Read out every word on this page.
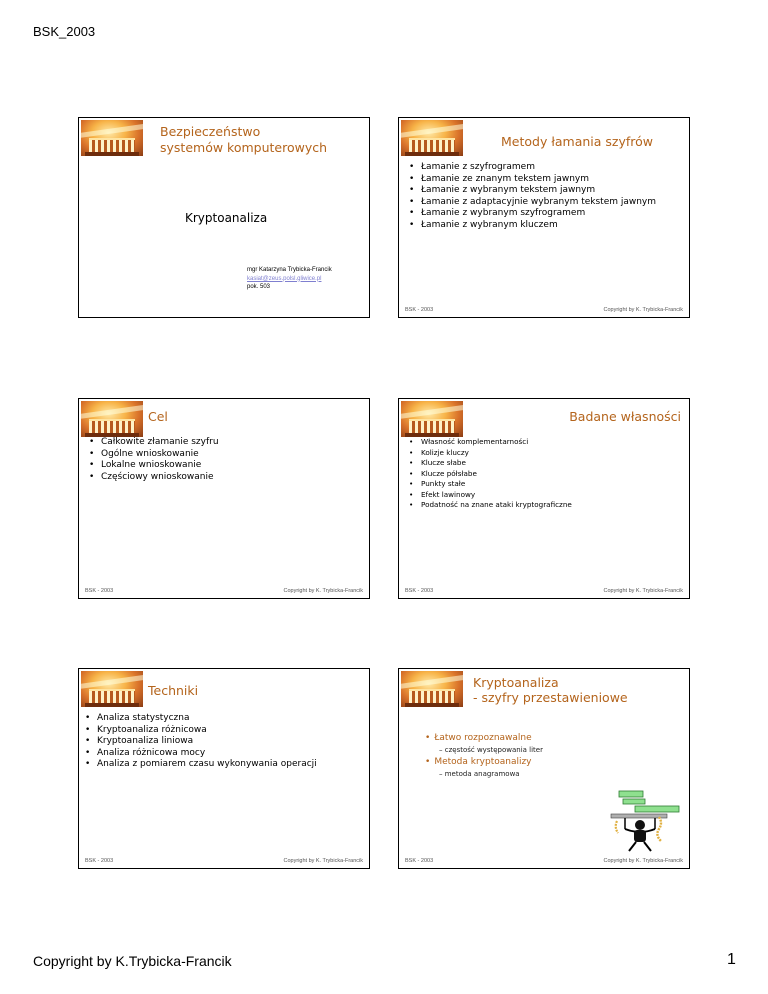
BSK_2003
Bezpieczeństwo
systemów komputerowych
Kryptoanaliza
mgr Katarzyna Trybicka-Francik
kasiat@zeus.polsl.gliwice.pl
pok. 503
Metody łamania szyfrów
• Łamanie z szyfrogramem
• Łamanie ze znanym tekstem jawnym
• Łamanie z wybranym tekstem jawnym
• Łamanie z adaptacyjnie wybranym tekstem jawnym
• Łamanie z wybranym szyfrogramem
• Łamanie z wybranym kluczem
BSK - 2003	Copyright by K. Trybicka-Francik
Cel
• Całkowite złamanie szyfru
• Ogólne wnioskowanie
• Lokalne wnioskowanie
• Częściowy wnioskowanie
BSK - 2003	Copyright by K. Trybicka-Francik
Badane własności
• Własność komplementarności
• Kolizje kluczy
• Klucze słabe
• Klucze półsłabe
• Punkty stałe
• Efekt lawinowy
• Podatność na znane ataki kryptograficzne
BSK - 2003	Copyright by K. Trybicka-Francik
Techniki
• Analiza statystyczna
• Kryptoanaliza różnicowa
• Kryptoanaliza liniowa
• Analiza różnicowa mocy
• Analiza z pomiarem czasu wykonywania operacji
BSK - 2003	Copyright by K. Trybicka-Francik
Kryptoanaliza
- szyfry przestawieniowe
• Łatwo rozpoznawalne
– częstość występowania liter
• Metoda kryptoanalizy
– metoda anagramowa
BSK - 2003	Copyright by K. Trybicka-Francik
Copyright by K.Trybicka-Francik	1
